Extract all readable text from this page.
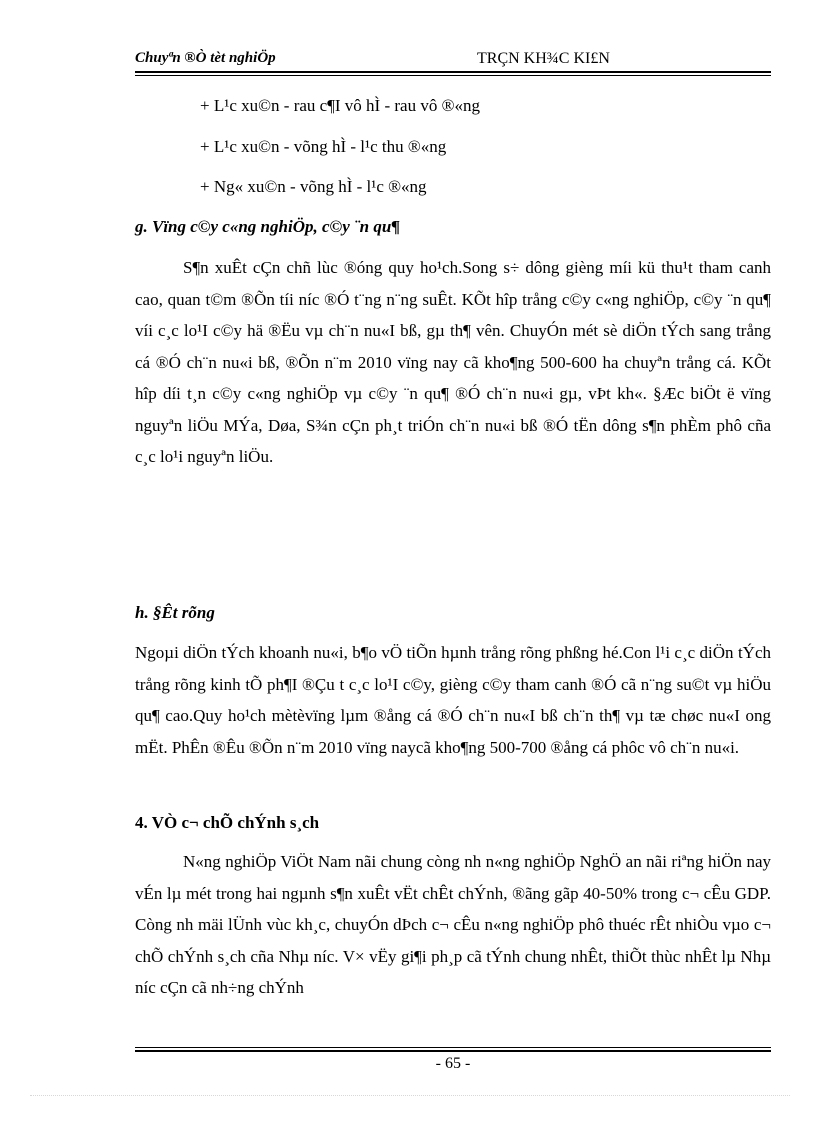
Chuyªn ®Ò tèt nghiÖp	TRÇN KH¾C KI£N
+ L¹c xu©n - rau c¶I vô hÌ - rau vô ®«ng
+ L¹c xu©n - võng hÌ - l¹c thu ®«ng
+ Ng« xu©n - võng hÌ - l¹c ®«ng
g. Vïng c©y c«ng nghiÖp, c©y ¨n qu¶
S¶n xuÊt cÇn chñ lùc ®óng quy ho¹ch.Song s÷ dông gièng míi kü thu¹t tham canh cao, quan t©m ®Õn tíi níc ®Ó t¨ng n¨ng suÊt. KÕt hîp trång c©y c«ng nghiÖp, c©y ¨n qu¶ víi c¸c lo¹I c©y hä ®Ëu vµ ch¨n nu«I bß, gµ th¶ vên. ChuyÓn mét sè diÖn tÝch sang trång cá ®Ó ch¨n nu«i bß, ®Õn n¨m 2010 vïng nay cã kho¶ng 500-600 ha chuyªn trång cá. KÕt hîp díi t¸n c©y c«ng nghiÖp vµ c©y ¨n qu¶ ®Ó ch¨n nu«i gµ, vÞt kh«. §Æc biÖt ë vïng nguyªn liÖu MÝa, Døa, S¾n cÇn ph¸t triÓn ch¨n nu«i bß ®Ó tËn dông s¶n phÈm phô cña c¸c lo¹i nguyªn liÖu.
h. §Êt rõng
Ngoµi diÖn tÝch khoanh nu«i, b¶o vÖ tiÕn hµnh trång rõng phßng hé.Con l¹i c¸c diÖn tÝch trång rõng kinh tÕ ph¶I ®Çu t c¸c lo¹I c©y, gièng c©y tham canh ®Ó cã n¨ng su©t vµ hiÖu qu¶ cao.Quy ho¹ch mètèvïng lµm ®ång cá ®Ó ch¨n nu«I bß ch¨n th¶ vµ tæ chøc nu«I ong mËt. PhÊn ®Êu ®Õn n¨m 2010 vïng naycã kho¶ng 500-700 ®ång cá phôc vô ch¨n nu«i.
4. VÒ c¬ chÕ chÝnh s¸ch
N«ng nghiÖp ViÖt Nam nãi chung còng nh n«ng nghiÖp NghÖ an nãi riªng hiÖn nay vÉn lµ mét trong hai ngµnh s¶n xuÊt vËt chÊt chÝnh, ®ãng gãp 40-50% trong c¬ cÊu GDP. Còng nh mäi lÜnh vùc kh¸c, chuyÓn dÞch c¬ cÊu n«ng nghiÖp phô thuéc rÊt nhiÒu vµo c¬ chÕ chÝnh s¸ch cña Nhµ níc. V× vËy gi¶i ph¸p cã tÝnh chung nhÊt, thiÕt thùc nhÊt lµ Nhµ níc cÇn cã nh÷ng chÝnh
- 65 -
